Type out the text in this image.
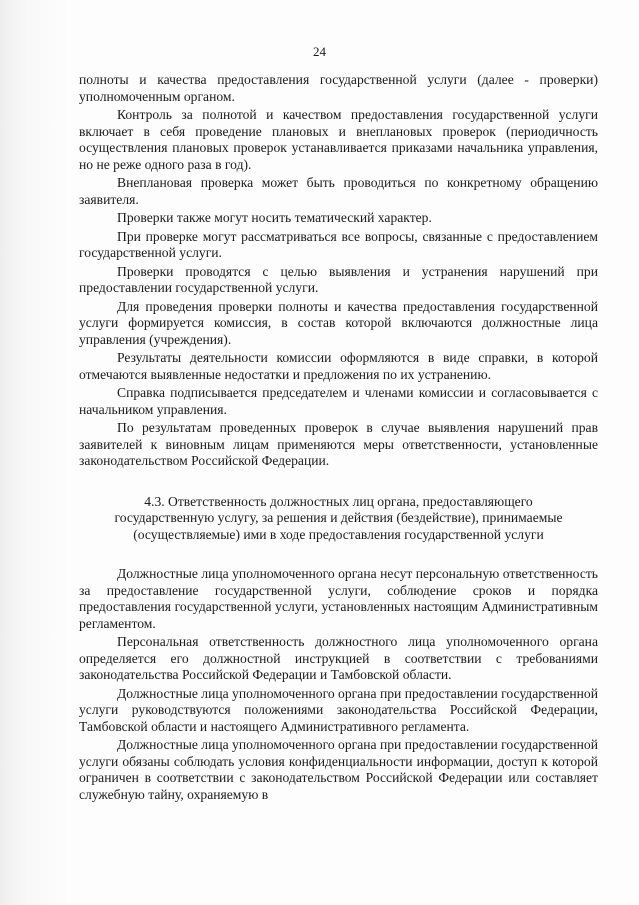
24

полноты и качества предоставления государственной услуги (далее - проверки) уполномоченным органом.

Контроль за полнотой и качеством предоставления государственной услуги включает в себя проведение плановых и внеплановых проверок (периодичность осуществления плановых проверок устанавливается приказами начальника управления, но не реже одного раза в год).

Внеплановая проверка может быть проводиться по конкретному обращению заявителя.

Проверки также могут носить тематический характер.

При проверке могут рассматриваться все вопросы, связанные с предоставлением государственной услуги.

Проверки проводятся с целью выявления и устранения нарушений при предоставлении государственной услуги.

Для проведения проверки полноты и качества предоставления государственной услуги формируется комиссия, в состав которой включаются должностные лица управления (учреждения).

Результаты деятельности комиссии оформляются в виде справки, в которой отмечаются выявленные недостатки и предложения по их устранению.

Справка подписывается председателем и членами комиссии и согласовывается с начальником управления.

По результатам проведенных проверок в случае выявления нарушений прав заявителей к виновным лицам применяются меры ответственности, установленные законодательством Российской Федерации.

4.3. Ответственность должностных лиц органа, предоставляющего

государственную услугу, за решения и действия (бездействие), принимаемые

(осуществляемые) ими в ходе предоставления государственной услуги

Должностные лица уполномоченного органа несут персональную ответственность за предоставление государственной услуги, соблюдение сроков и порядка предоставления государственной услуги, установленных настоящим Административным регламентом.

Персональная ответственность должностного лица уполномоченного органа определяется его должностной инструкцией в соответствии с требованиями законодательства Российской Федерации и Тамбовской области.

Должностные лица уполномоченного органа при предоставлении государственной услуги руководствуются положениями законодательства Российской Федерации, Тамбовской области и настоящего Административного регламента.

Должностные лица уполномоченного органа при предоставлении государственной услуги обязаны соблюдать условия конфиденциальности информации, доступ к которой ограничен в соответствии с законодательством Российской Федерации или составляет служебную тайну, охраняемую в
